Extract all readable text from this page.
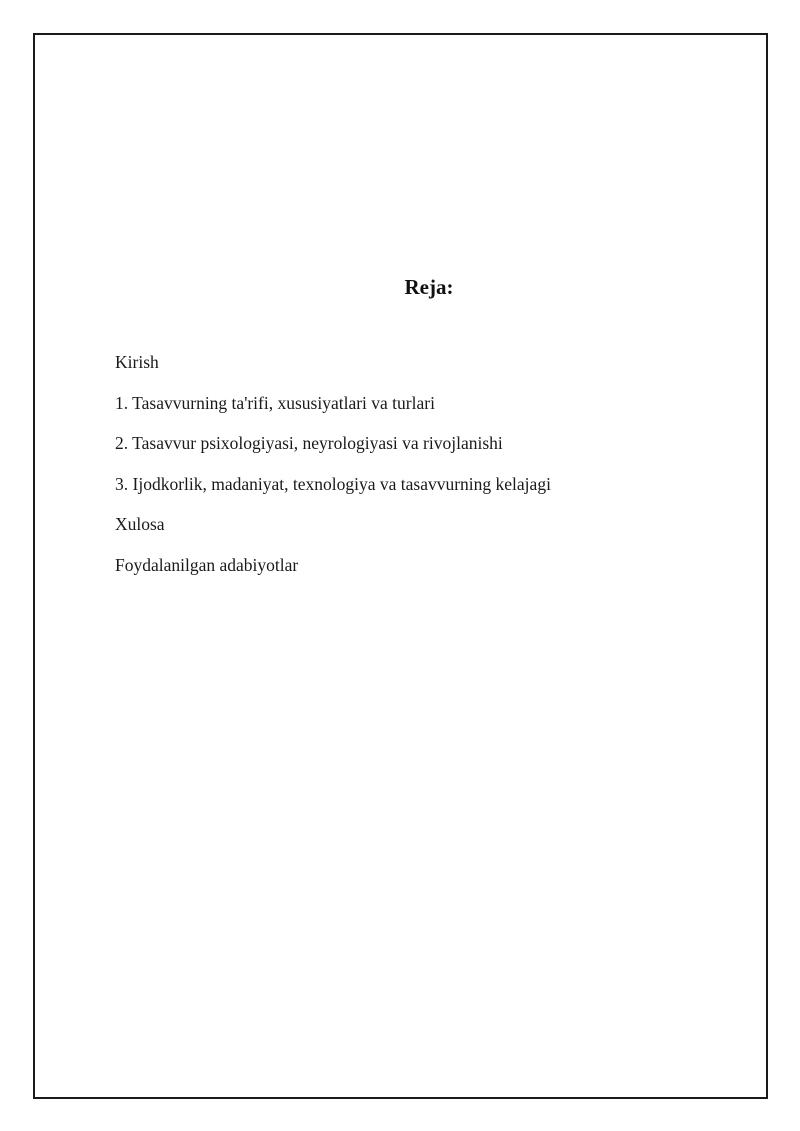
Reja:
Kirish
1. Tasavvurning ta'rifi, xususiyatlari va turlari
2. Tasavvur psixologiyasi, neyrologiyasi va rivojlanishi
3. Ijodkorlik, madaniyat, texnologiya va tasavvurning kelajagi
Xulosa
Foydalanilgan adabiyotlar
